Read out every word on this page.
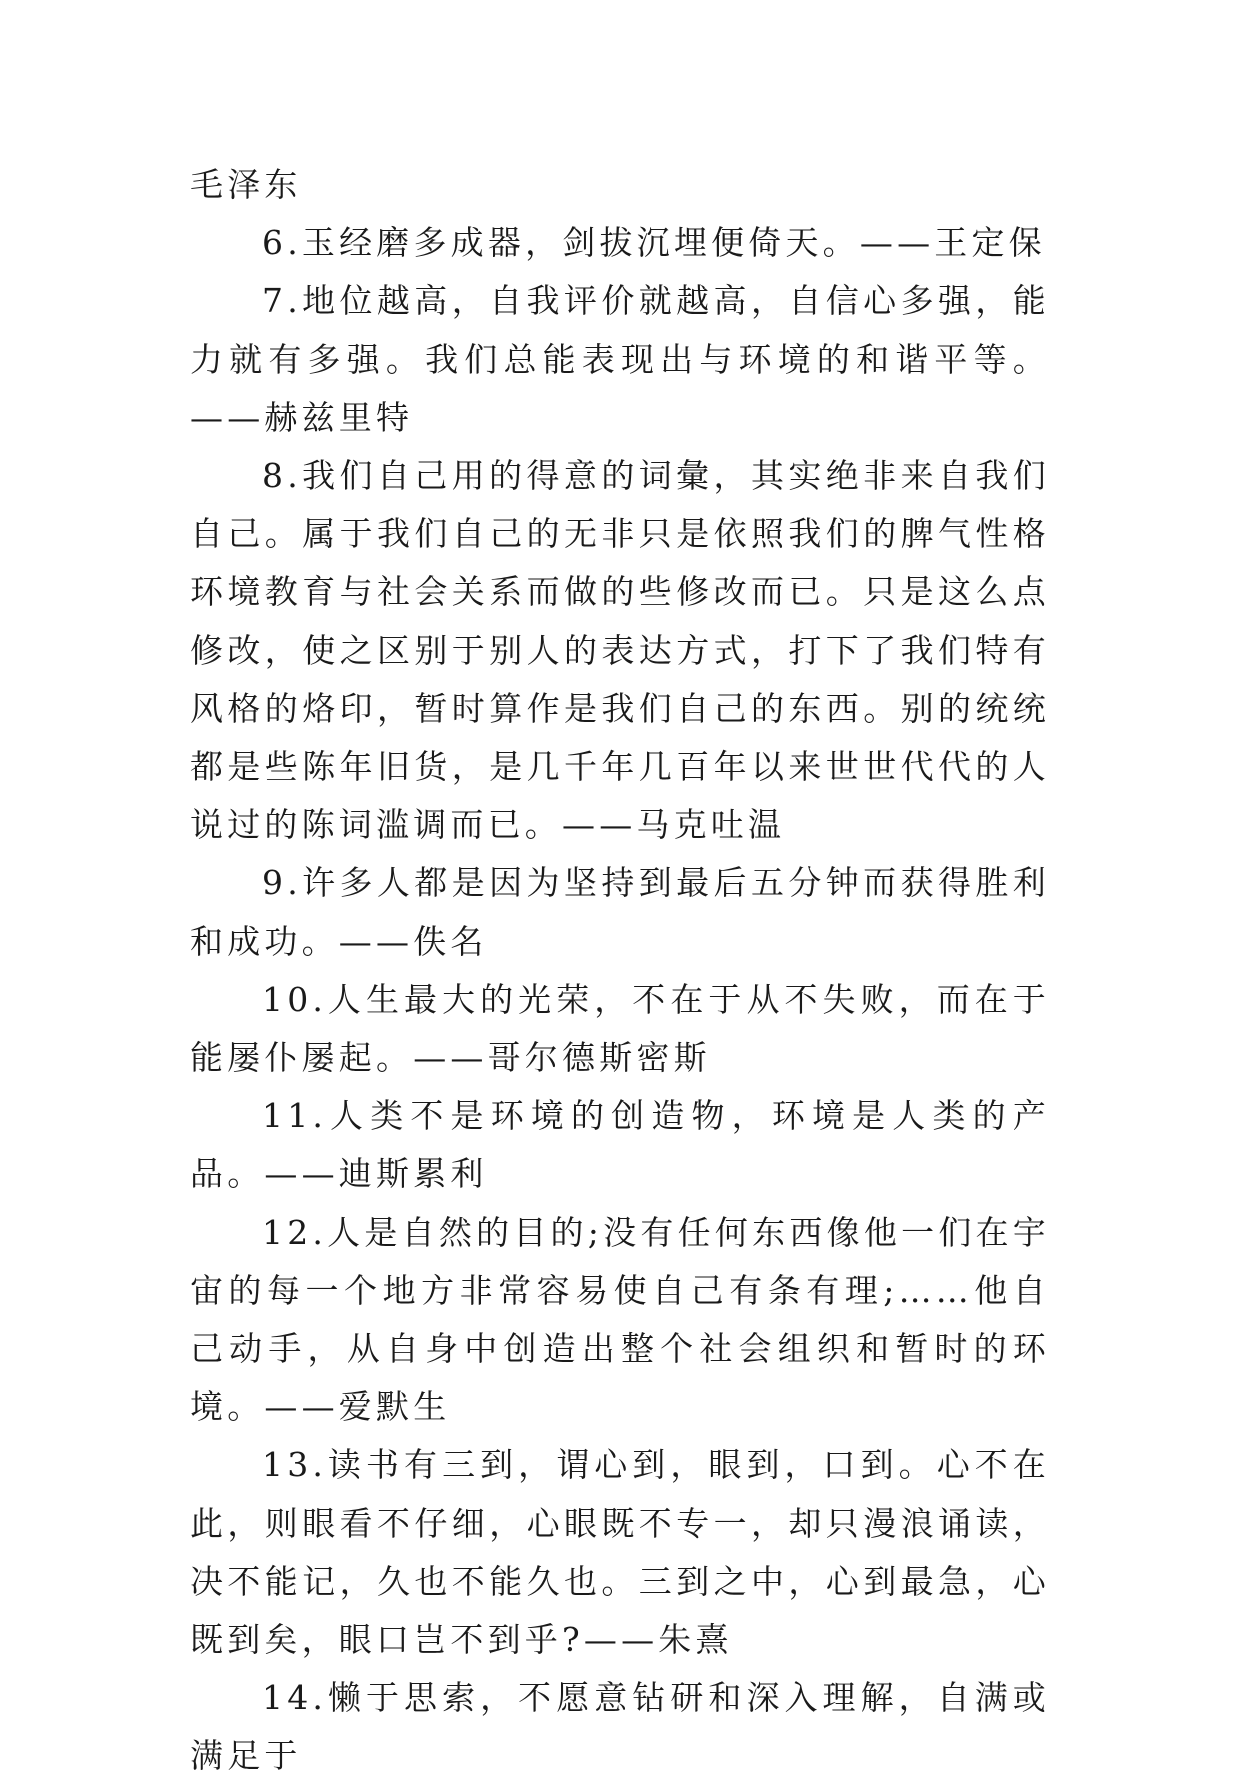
毛泽东

6.玉经磨多成器，剑拔沉埋便倚天。——王定保

7.地位越高，自我评价就越高，自信心多强，能力就有多强。我们总能表现出与环境的和谐平等。——赫兹里特

8.我们自己用的得意的词彙，其实绝非来自我们自己。属于我们自己的无非只是依照我们的脾气性格环境教育与社会关系而做的些修改而已。只是这么点修改，使之区别于别人的表达方式，打下了我们特有风格的烙印，暂时算作是我们自己的东西。别的统统都是些陈年旧货，是几千年几百年以来世世代代的人说过的陈词滥调而已。——马克吐温

9.许多人都是因为坚持到最后五分钟而获得胜利和成功。——佚名

10.人生最大的光荣，不在于从不失败，而在于能屡仆屡起。——哥尔德斯密斯

11.人类不是环境的创造物，环境是人类的产品。——迪斯累利

12.人是自然的目的;没有任何东西像他一们在宇宙的每一个地方非常容易使自己有条有理;……他自己动手，从自身中创造出整个社会组织和暂时的环境。——爱默生

13.读书有三到，谓心到，眼到，口到。心不在此，则眼看不仔细，心眼既不专一，却只漫浪诵读，决不能记，久也不能久也。三到之中，心到最急，心既到矣，眼口岂不到乎?——朱熹

14.懒于思索，不愿意钻研和深入理解，自满或满足于
